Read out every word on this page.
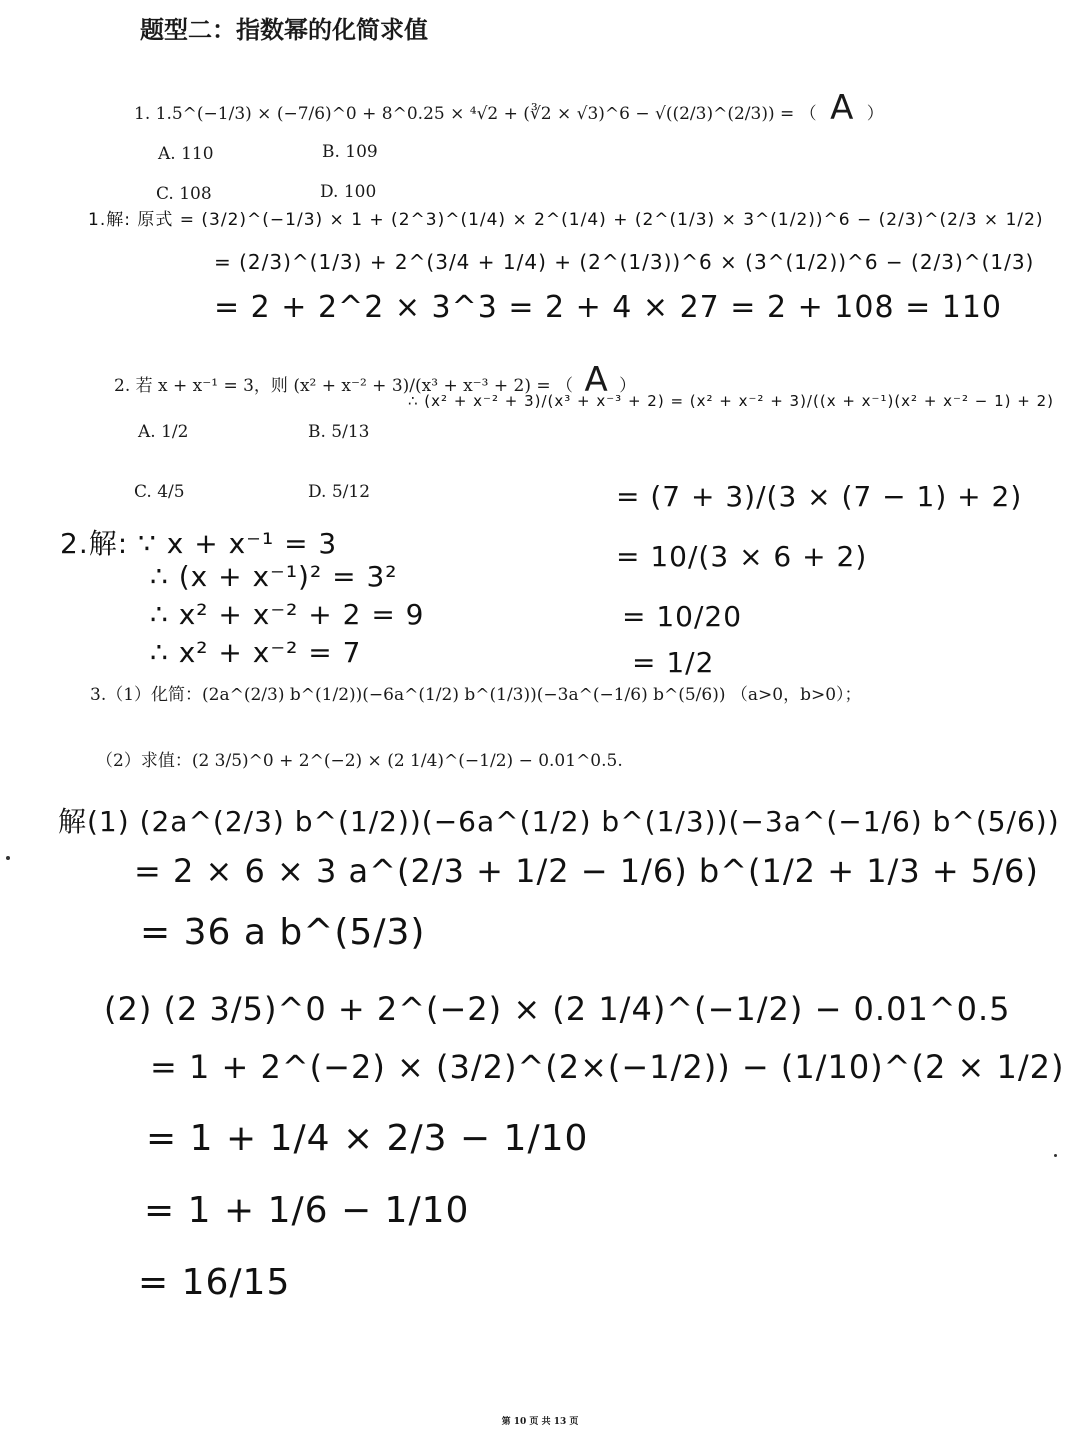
题型二：指数幂的化简求值
1. 1.5^(−1/3) × (−7/6)^0 + 8^0.25 × ⁴√2 + (∛2 × √3)^6 − √((2/3)^(2/3)) = （ A ）
A. 110	B. 109
C. 108	D. 100
1.解: 原式 = (3/2)^(−1/3) × 1 + (2^3)^(1/4) × 2^(1/4) + (2^(1/3) × 3^(1/2))^6 − (2/3)^(2/3 × 1/2)
= (2/3)^(1/3) + 2^(3/4 + 1/4) + (2^(1/3))^6 × (3^(1/2))^6 − (2/3)^(1/3)
= 2 + 2^2 × 3^3 = 2 + 4 × 27 = 2 + 108 = 110
2. 若 x + x⁻¹ = 3，则 (x² + x⁻² + 3)/(x³ + x⁻³ + 2) = （ A ）
A. 1/2	B. 5/13
C. 4/5	D. 5/12
∴ (x² + x⁻² + 3)/(x³ + x⁻³ + 2) = (x² + x⁻² + 3)/((x + x⁻¹)(x² + x⁻² − 1) + 2)
= (7 + 3)/(3 × (7 − 1) + 2)
= 10/(3 × 6 + 2)
= 10/20
= 1/2
2.解: ∵ x + x⁻¹ = 3
∴ (x + x⁻¹)² = 3²
∴ x² + x⁻² + 2 = 9
∴ x² + x⁻² = 7
3.（1）化简：(2a^(2/3) b^(1/2))(−6a^(1/2) b^(1/3))(−3a^(−1/6) b^(5/6)) （a>0，b>0）；
（2）求值：(2 3/5)^0 + 2^(−2) × (2 1/4)^(−1/2) − 0.01^0.5.
解(1) (2a^(2/3) b^(1/2))(−6a^(1/2) b^(1/3))(−3a^(−1/6) b^(5/6))
= 2 × 6 × 3 a^(2/3 + 1/2 − 1/6) b^(1/2 + 1/3 + 5/6)
= 36 a b^(5/3)
(2) (2 3/5)^0 + 2^(−2) × (2 1/4)^(−1/2) − 0.01^0.5
= 1 + 2^(−2) × (3/2)^(2×(−1/2)) − (1/10)^(2 × 1/2)
= 1 + 1/4 × 2/3 − 1/10
= 1 + 1/6 − 1/10
= 16/15
第 10 页 共 13 页
